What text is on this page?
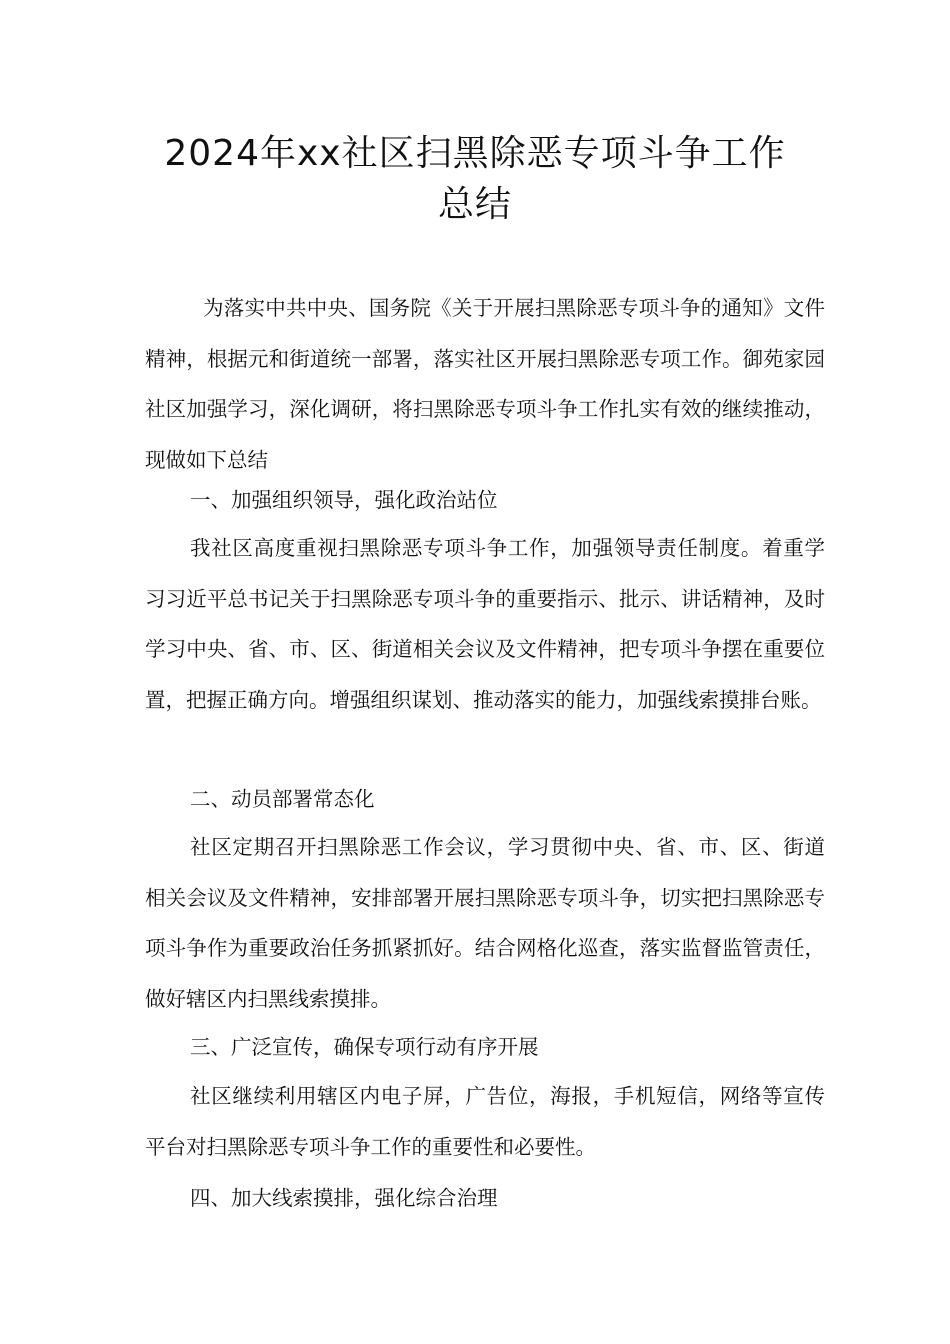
2024年xx社区扫黑除恶专项斗争工作
总结
为落实中共中央、国务院《关于开展扫黑除恶专项斗争的通知》文件精神，根据元和街道统一部署，落实社区开展扫黑除恶专项工作。御苑家园社区加强学习，深化调研，将扫黑除恶专项斗争工作扎实有效的继续推动，现做如下总结
一、加强组织领导，强化政治站位
我社区高度重视扫黑除恶专项斗争工作，加强领导责任制度。着重学习习近平总书记关于扫黑除恶专项斗争的重要指示、批示、讲话精神，及时学习中央、省、市、区、街道相关会议及文件精神，把专项斗争摆在重要位置，把握正确方向。增强组织谋划、推动落实的能力，加强线索摸排台账。
二、动员部署常态化
社区定期召开扫黑除恶工作会议，学习贯彻中央、省、市、区、街道相关会议及文件精神，安排部署开展扫黑除恶专项斗争，切实把扫黑除恶专项斗争作为重要政治任务抓紧抓好。结合网格化巡查，落实监督监管责任，做好辖区内扫黑线索摸排。
三、广泛宣传，确保专项行动有序开展
社区继续利用辖区内电子屏，广告位，海报，手机短信，网络等宣传平台对扫黑除恶专项斗争工作的重要性和必要性。
四、加大线索摸排，强化综合治理
